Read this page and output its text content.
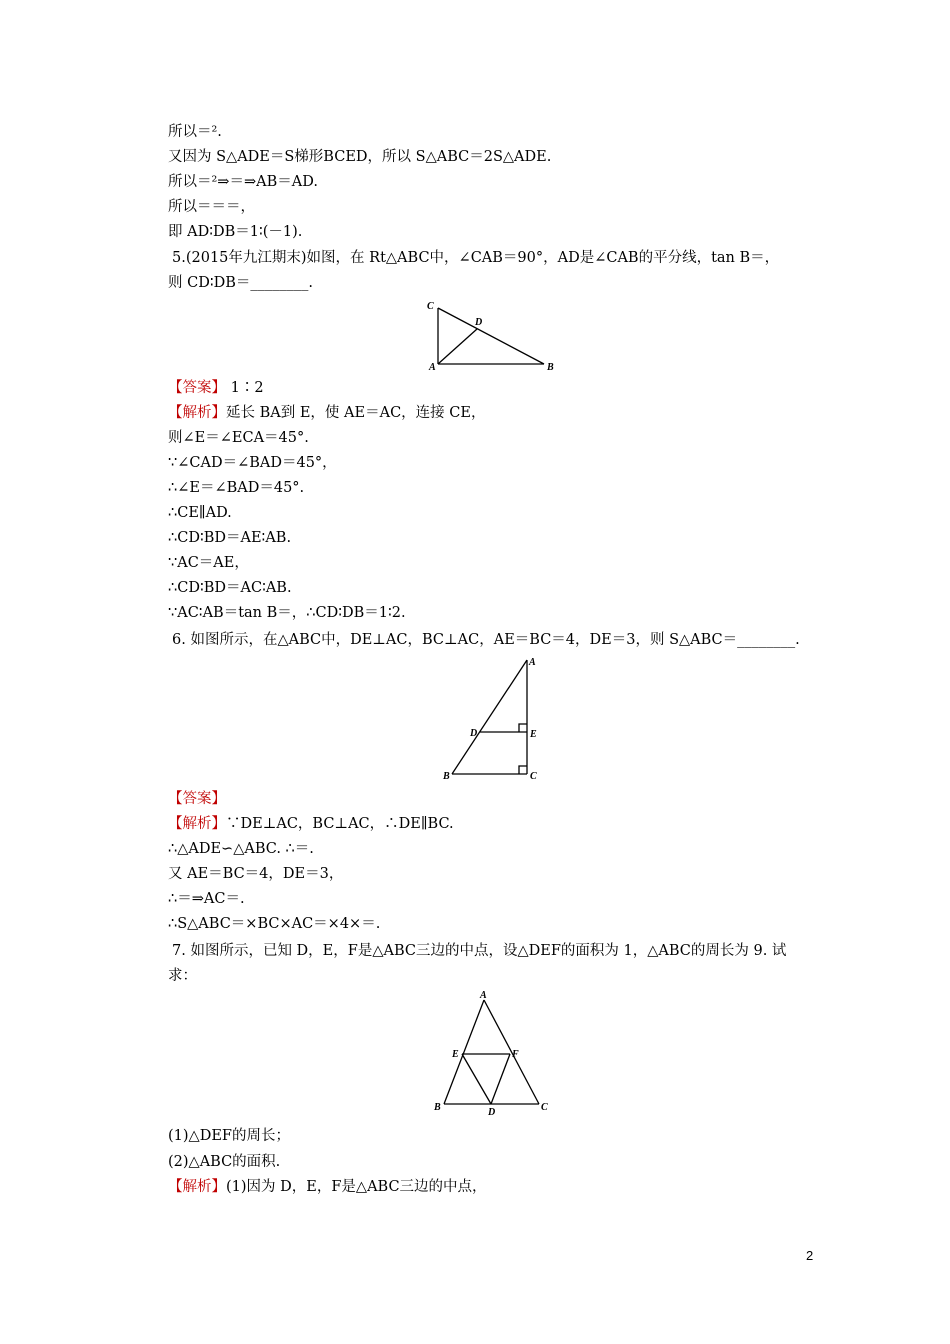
所以＝².
又因为 S△ADE＝S梯形BCED，所以 S△ABC＝2S△ADE.
所以＝²⇒＝⇒AB＝AD.
所以＝＝＝，
即 AD∶DB＝1∶(－1).
5.(2015年九江期末)如图，在 Rt△ABC中，∠CAB＝90°，AD是∠CAB的平分线，tan B＝，
则 CD∶DB＝________.
C
D
A	B
【答案】 1∶2
【解析】延长 BA到 E，使 AE＝AC，连接 CE，
则∠E＝∠ECA＝45°.
∵∠CAD＝∠BAD＝45°，
∴∠E＝∠BAD＝45°.
∴CE∥AD.
∴CD∶BD＝AE∶AB.
∵AC＝AE，
∴CD∶BD＝AC∶AB.
∵AC∶AB＝tan B＝，∴CD∶DB＝1∶2.
6. 如图所示，在△ABC中，DE⊥AC，BC⊥AC，AE＝BC＝4，DE＝3，则 S△ABC＝________.
A
D	E
B	C
【答案】
【解析】∵DE⊥AC，BC⊥AC，∴DE∥BC.
∴△ADE∽△ABC. ∴＝.
又 AE＝BC＝4，DE＝3，
∴＝⇒AC＝.
∴S△ABC＝×BC×AC＝×4×＝.
7. 如图所示，已知 D，E，F是△ABC三边的中点，设△DEF的面积为 1，△ABC的周长为 9. 试
求：
A
E	F
B	D	C
(1)△DEF的周长；
(2)△ABC的面积.
【解析】(1)因为 D，E，F是△ABC三边的中点，
2
